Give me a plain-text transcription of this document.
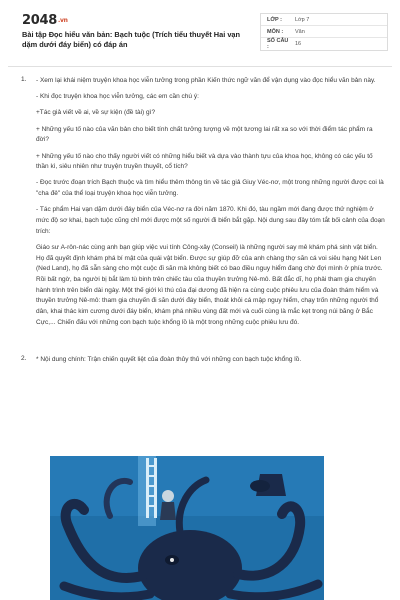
$2048^{.vn}$
Bài tập Đọc hiểu văn bản: Bạch tuộc (Trích tiểu thuyết Hai vạn dặm dưới đáy biển) có đáp án
LỚP :	Lớp 7
MÔN :	Văn
SỐ CÂU :	16
1. - Xem lại khái niệm truyện khoa học viễn tưởng trong phần Kiến thức ngữ văn để vận dụng vào đọc hiểu văn bản này.

- Khi đọc truyện khoa học viễn tưởng, các em cần chú ý:

+Tác giả viết về ai, về sự kiện (đề tài) gì?

+ Những yếu tố nào của văn bản cho biết tính chất tưởng tượng về một tương lai rất xa so với thời điểm tác phẩm ra đời?

+ Những yếu tố nào cho thấy người viết có những hiểu biết và dựa vào thành tựu của khoa học, không có các yếu tố thần kì, siêu nhiên như truyện truyền thuyết, cổ tích?

- Đọc trước đoạn trích Bạch thuộc và tìm hiểu thêm thông tin về tác giả Giuy Véc-nơ, một trong những người được coi là "cha đẻ" của thể loại truyện khoa học viễn tưởng.

- Tác phẩm Hai vạn dặm dưới đáy biển của Véc-nơ ra đời năm 1870. Khi đó, tàu ngầm mới đang được thử nghiệm ở mức độ sơ khai, bạch tuộc cũng chỉ mới được một số người đi biển bắt gặp. Nội dung sau đây tóm tắt bối cảnh của đoạn trích:

Giáo sư A-rôn-nác cùng anh bạn giúp việc vui tính Công-xây (Conseil) là những người say mê khám phá sinh vật biển. Họ đã quyết định khám phá bí mật của quái vật biển. Được sự giúp đỡ của anh chàng thợ săn cá voi siêu hạng Nét Len (Ned Land), họ đã sẵn sàng cho một cuộc đi săn mà không biết có bao điều nguy hiểm đang chờ đợi mình ở phía trước. Rồi bất ngờ, ba người bị bắt làm tù binh trên chiếc tàu của thuyền trưởng Nê-mô. Bất đắc dĩ, họ phải tham gia chuyến hành trình trên biển dài ngày. Một thế giới kì thú của đại dương đã hiện ra cùng cuộc phiêu lưu của đoàn thám hiểm và thuyền trưởng Nê-mô: tham gia chuyến đi săn dưới đáy biển, thoát khỏi cá mập nguy hiểm, chạy trốn những người thổ dân, khai thác kim cương dưới đáy biển, khám phá nhiều vùng đất mới và cuối cùng là mắc kẹt trong núi băng ở Bắc Cực,... Chiến đấu với những con bạch tuộc khổng lồ là một trong những cuộc phiêu lưu đó.

2. * Nội dung chính: Trận chiến quyết liệt của đoàn thủy thủ với những con bạch tuộc khổng lồ.
